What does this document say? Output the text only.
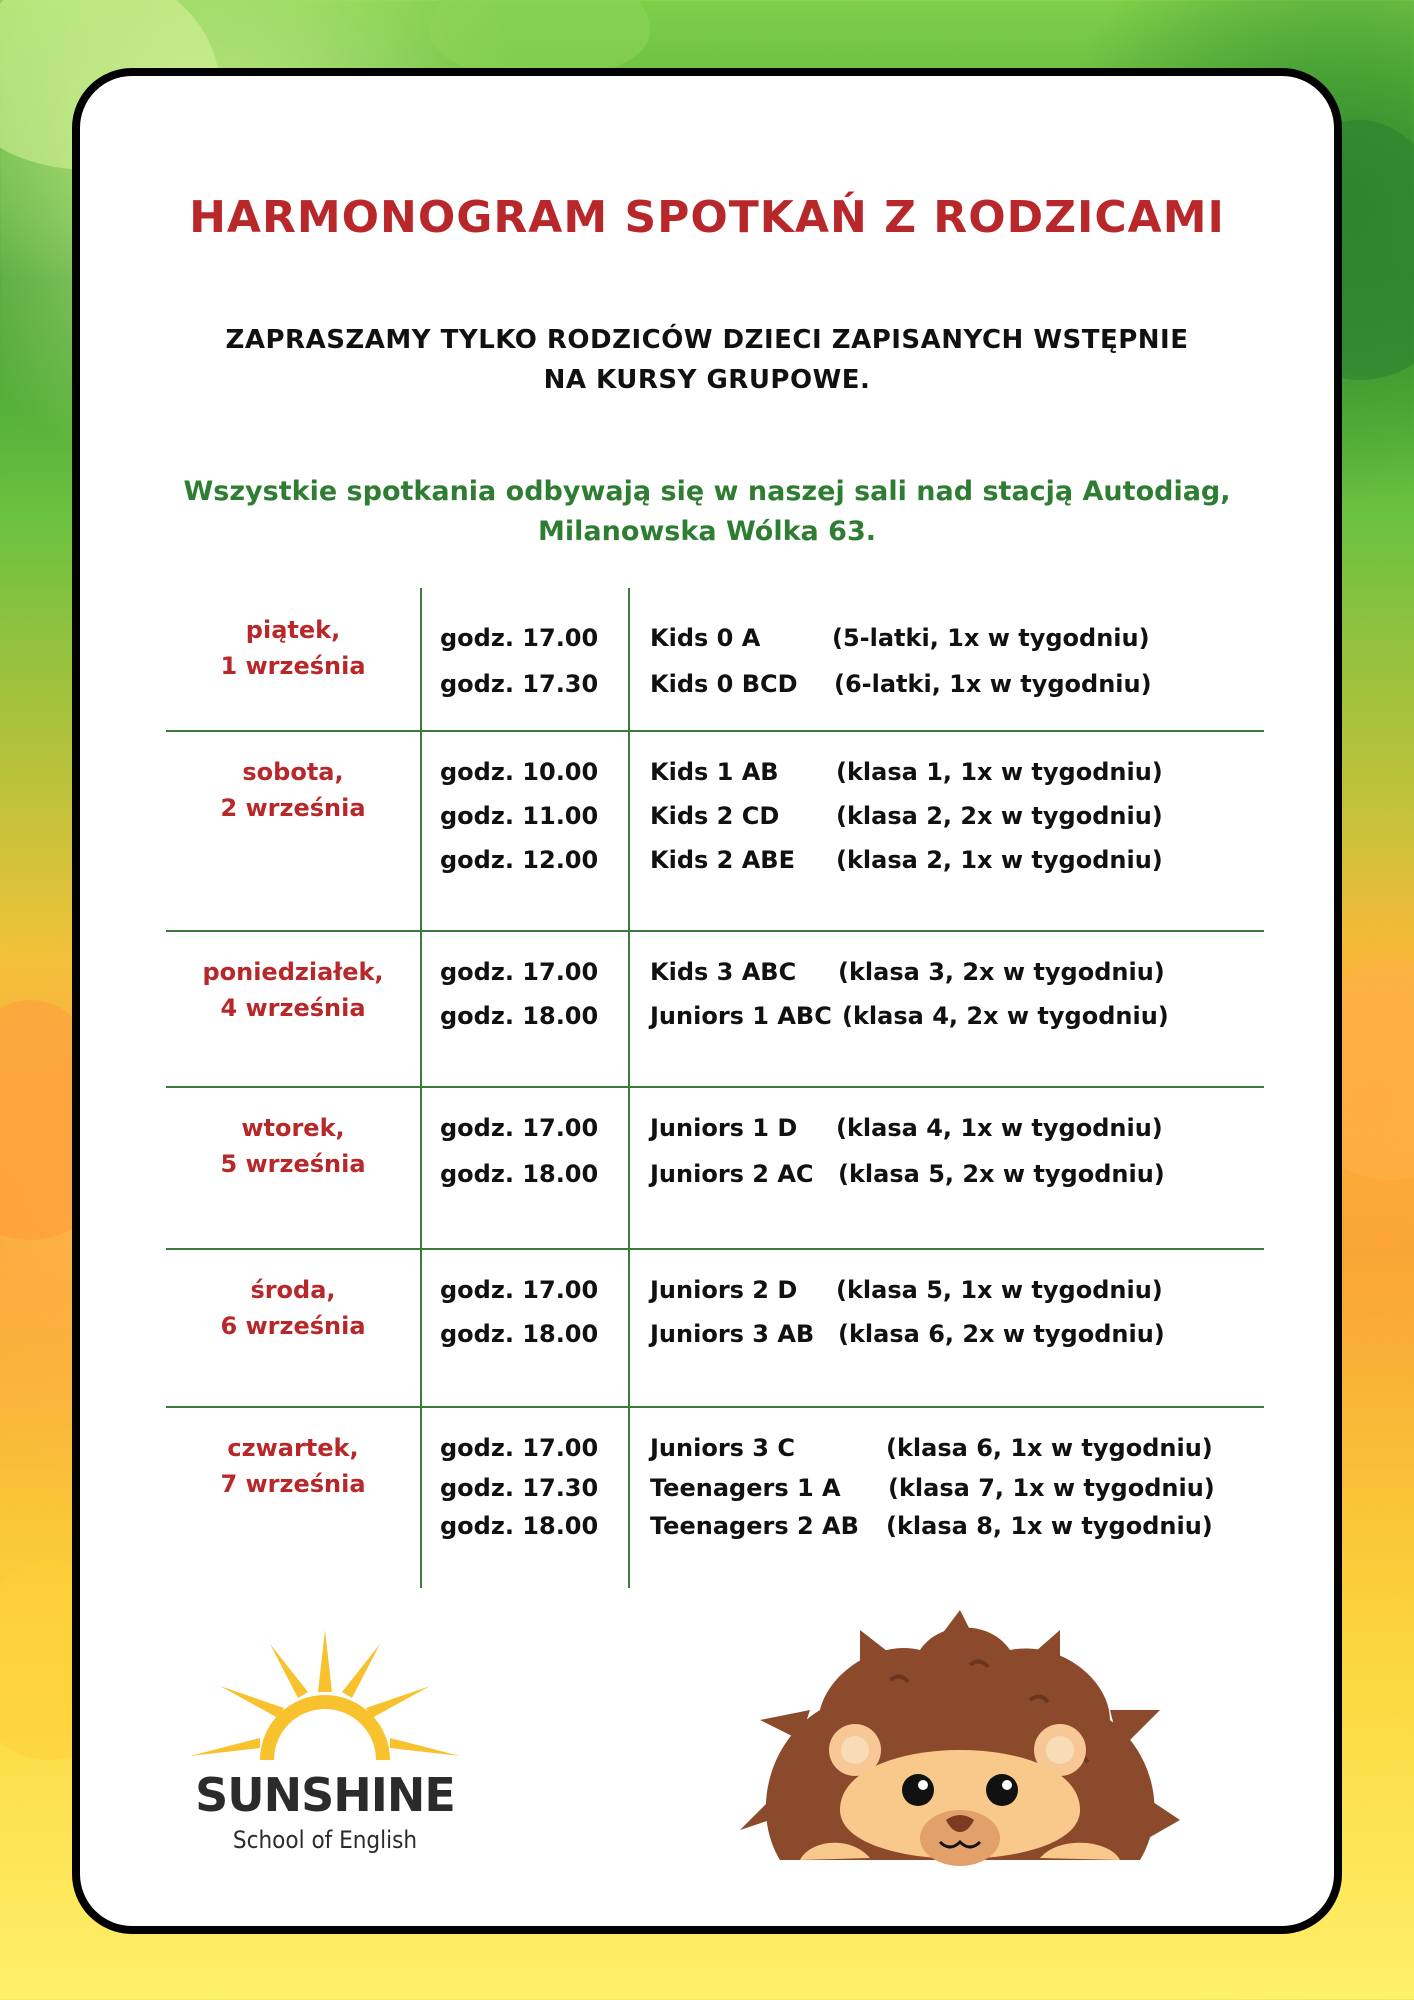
HARMONOGRAM SPOTKAŃ Z RODZICAMI
ZAPRASZAMY TYLKO RODZICÓW DZIECI ZAPISANYCH WSTĘPNIE
NA KURSY GRUPOWE.
Wszystkie spotkania odbywają się w naszej sali nad stacją Autodiag,
Milanowska Wólka 63.
piątek,
1 września
godz. 17.00 Kids 0 A	(5-latki, 1x w tygodniu)
godz. 17.30 Kids 0 BCD (6-latki, 1x w tygodniu)
sobota,
2 września
godz. 10.00 Kids 1 AB (klasa 1, 1x w tygodniu)
godz. 11.00 Kids 2 CD (klasa 2, 2x w tygodniu)
godz. 12.00 Kids 2 ABE (klasa 2, 1x w tygodniu)
poniedziałek,
4 września
godz. 17.00 Kids 3 ABC (klasa 3, 2x w tygodniu)
godz. 18.00 Juniors 1 ABC (klasa 4, 2x w tygodniu)
wtorek,
5 września
godz. 17.00 Juniors 1 D (klasa 4, 1x w tygodniu)
godz. 18.00 Juniors 2 AC (klasa 5, 2x w tygodniu)
środa,
6 września
godz. 17.00 Juniors 2 D (klasa 5, 1x w tygodniu)
godz. 18.00 Juniors 3 AB (klasa 6, 2x w tygodniu)
czwartek,
7 września
godz. 17.00 Juniors 3 C	(klasa 6, 1x w tygodniu)
godz. 17.30 Teenagers 1 A (klasa 7, 1x w tygodniu)
godz. 18.00 Teenagers 2 AB (klasa 8, 1x w tygodniu)
SUNSHINE
School of English
